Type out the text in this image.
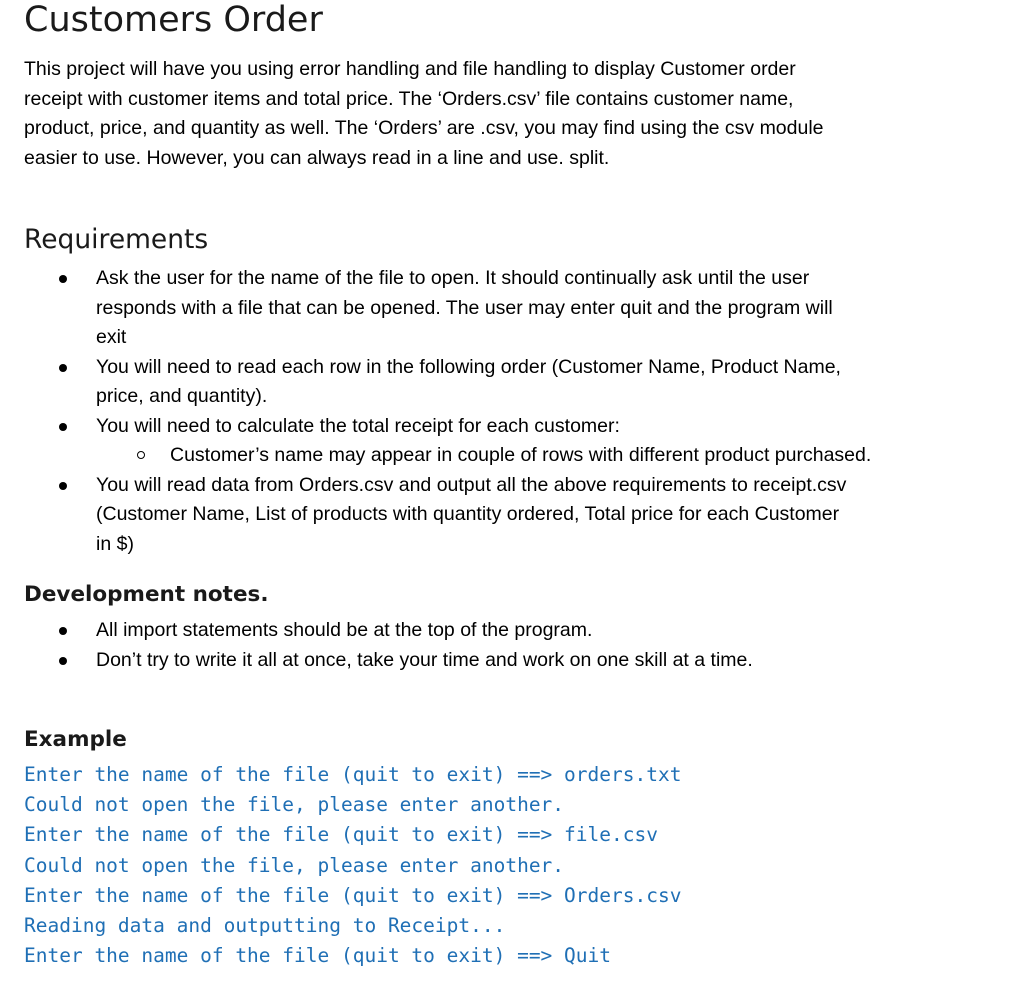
Customers Order

This project will have you using error handling and file handling to display Customer order
receipt with customer items and total price. The ‘Orders.csv’ file contains customer name,
product, price, and quantity as well. The ‘Orders’ are .csv, you may find using the csv module
easier to use. However, you can always read in a line and use. split.

Requirements
Ask the user for the name of the file to open. It should continually ask until the user
responds with a file that can be opened. The user may enter quit and the program will
exit
You will need to read each row in the following order (Customer Name, Product Name,
price, and quantity).
You will need to calculate the total receipt for each customer:
Customer’s name may appear in couple of rows with different product purchased.
You will read data from Orders.csv and output all the above requirements to receipt.csv
(Customer Name, List of products with quantity ordered, Total price for each Customer
in $)
Development notes.
All import statements should be at the top of the program.
Don’t try to write it all at once, take your time and work on one skill at a time.
Example
Enter the name of the file (quit to exit) ==> orders.txt
Could not open the file, please enter another.
Enter the name of the file (quit to exit) ==> file.csv
Could not open the file, please enter another.
Enter the name of the file (quit to exit) ==> Orders.csv
Reading data and outputting to Receipt...
Enter the name of the file (quit to exit) ==> Quit
